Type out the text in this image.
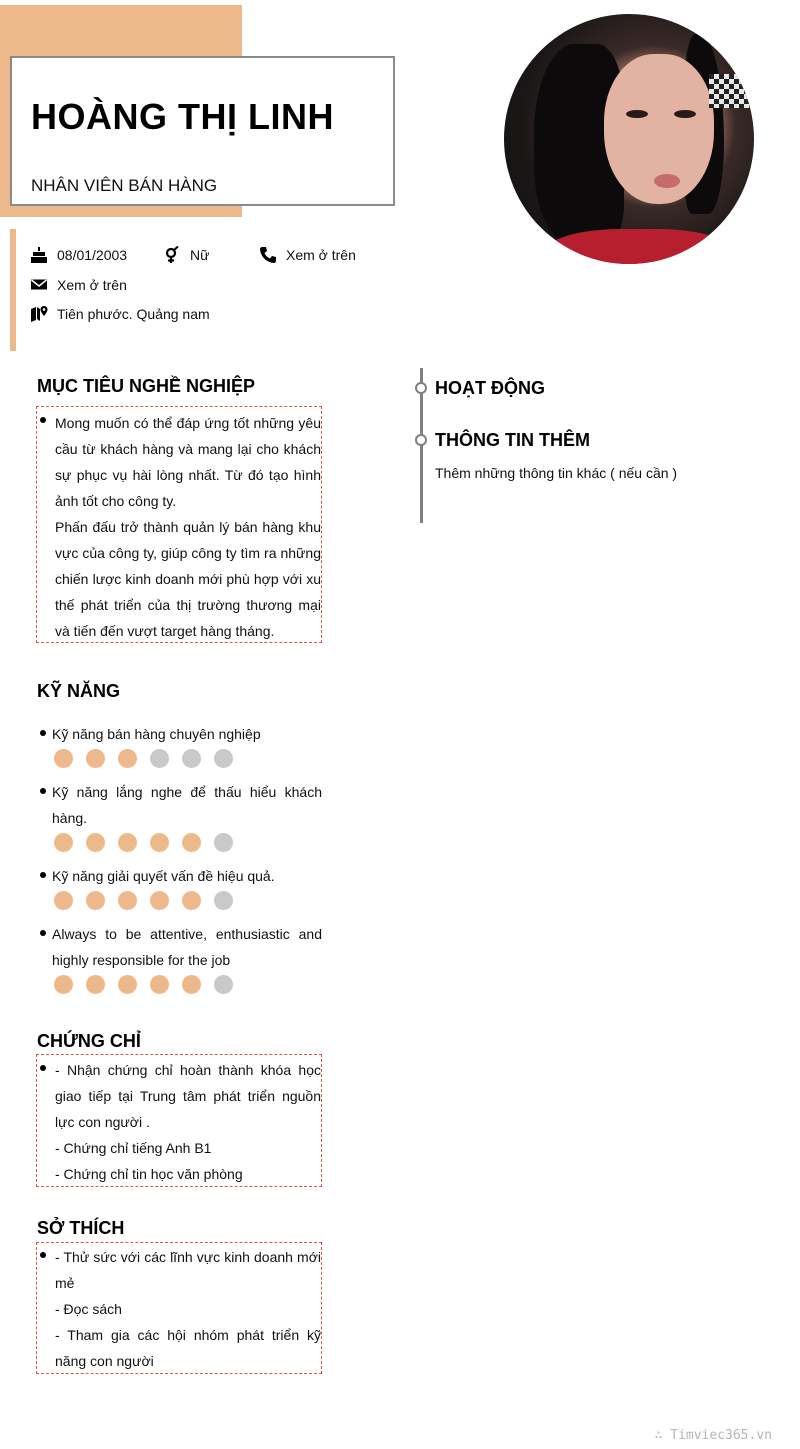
HOÀNG THỊ LINH
NHÂN VIÊN BÁN HÀNG
08/01/2003	Nữ	Xem ở trên
Xem ở trên
Tiên phước. Quảng nam
MỤC TIÊU NGHỀ NGHIỆP

Mong muốn có thể đáp ứng tốt những yêu cầu từ khách hàng và mang lại cho khách sự phục vụ hài lòng nhất. Từ đó tạo hình ảnh tốt cho công ty.

Phấn đấu trở thành quản lý bán hàng khu vực của công ty, giúp công ty tìm ra những chiến lược kinh doanh mới phù hợp với xu thế phát triển của thị trường thương mại và tiến đến vượt target hàng tháng.

KỸ NĂNG

Kỹ năng bán hàng chuyên nghiệp

Kỹ năng lắng nghe để thấu hiểu khách hàng.

Kỹ năng giải quyết vấn đề hiệu quả.

Always to be attentive, enthusiastic and highly responsible for the job

CHỨNG CHỈ

- Nhận chứng chỉ hoàn thành khóa học giao tiếp tại Trung tâm phát triển nguồn lực con người .

- Chứng chỉ tiếng Anh B1

- Chứng chỉ tin học văn phòng

SỞ THÍCH

- Thử sức với các lĩnh vực kinh doanh mới mẻ

- Đọc sách

- Tham gia các hội nhóm phát triển kỹ năng con người

HOẠT ĐỘNG
THÔNG TIN THÊM
Thêm những thông tin khác ( nếu cần )
∴ Timviec365.vn
